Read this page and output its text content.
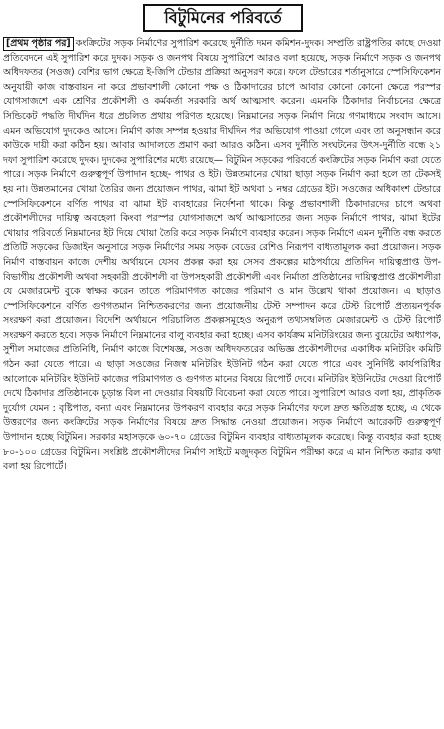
বিটুমিনের পরিবর্তে

[প্রথম পৃষ্ঠার পর] কংক্রিটের সড়ক নির্মাণের সুপারিশ করেছে দুর্নীতি দমন কমিশন-দুদক। সম্প্রতি রাষ্ট্রপতির কাছে দেওয়া প্রতিবেদনে এই সুপারিশ করে দুদক। সড়ক ও জনপথ বিষয়ে সুপারিশে আরও বলা হয়েছে, সড়ক নির্মাণে সড়ক ও জনপথ অধিদফতর (সওজ) বেশির ভাগ ক্ষেত্রে ই-জিপি টেন্ডার প্রক্রিয়া অনুসরণ করে। ফলে টেন্ডারের শর্তানুসারে স্পেসিফিকেশন অনুযায়ী কাজ বাস্তবায়ন না করে প্রভাবশালী কোনো পক্ষ ও ঠিকাদারের চাপে আবার কোনো কোনো ক্ষেত্রে পরস্পর যোগসাজশে এক শ্রেণির প্রকৌশলী ও কর্মকর্তা সরকারি অর্থ আত্মসাৎ করেন। এমনকি ঠিকাদার নির্বাচনের ক্ষেত্রে সিন্ডিকেট পদ্ধতি দীর্ঘদিন ধরে প্রচলিত প্রথায় পরিণত হয়েছে। নিম্নমানের সড়ক নির্মাণ নিয়ে গণমাধ্যমে সংবাদ আসে। এমন অভিযোগ দুদকেও আসে। নির্মাণ কাজ সম্পন্ন হওয়ার দীর্ঘদিন পর অভিযোগ পাওয়া গেলে এবং তা অনুসন্ধান করে কাউকে দায়ী করা কঠিন হয়। আবার আদালতে প্রমাণ করা আরও কঠিন। এসব দুর্নীতি সংঘটনের উৎস-দুর্নীতি বন্ধে ২১ দফা সুপারিশ করেছে দুদক। দুদকের সুপারিশের মধ্যে রয়েছে— বিটুমিন সড়কের পরিবর্তে কংক্রিটের সড়ক নির্মাণ করা যেতে পারে। সড়ক নির্মাণে গুরুত্বপূর্ণ উপাদান হচ্ছে- পাথর ও ইট। উন্নতমানের খোয়া ছাড়া সড়ক নির্মাণ করা হলে তা টেকসই হয় না। উন্নতমানের খোয়া তৈরির জন্য প্রয়োজন পাথর, ঝামা ইট অথবা ১ নম্বর গ্রেডের ইট। সওজের অধিকাংশ টেন্ডারে স্পেসিফিকেশনে বর্ণিত পাথর বা ঝামা ইট ব্যবহারের নির্দেশনা থাকে। কিন্তু প্রভাবশালী ঠিকাদারদের চাপে অথবা প্রকৌশলীদের দায়িত্ব অবহেলা কিংবা পরস্পর যোগসাজশে অর্থ আত্মসাতের জন্য সড়ক নির্মাণে পাথর, ঝামা ইটের খোয়ার পরিবর্তে নিম্নমানের ইট দিয়ে খোয়া তৈরি করে সড়ক নির্মাণে ব্যবহার করেন। সড়ক নির্মাণে এমন দুর্নীতি বন্ধ করতে প্রতিটি সড়কের ডিজাইন অনুসারে সড়ক নির্মাণের সময় সড়ক বেডের রেশিও নিরূপণ বাধ্যতামূলক করা প্রয়োজন। সড়ক নির্মাণ বাস্তবায়ন কাজে দেশীয় অর্থায়নে যেসব প্রকল্প করা হয় সেসব প্রকল্পের মাঠপর্যায়ে প্রতিদিন দায়িত্বপ্রাপ্ত উপ-বিভাগীয় প্রকৌশলী অথবা সহকারী প্রকৌশলী বা উপসহকারী প্রকৌশলী এবং নির্মাতা প্রতিষ্ঠানের দায়িত্বপ্রাপ্ত প্রকৌশলীরা যে মেজারমেন্ট বুকে স্বাক্ষর করেন তাতে পরিমাণগত কাজের পরিমাণ ও মান উল্লেখ থাকা প্রয়োজন। এ ছাড়াও স্পেসিফিকেশনে বর্ণিত গুণগতমান নিশ্চিতকরণের জন্য প্রয়োজনীয় টেস্ট সম্পাদন করে টেস্ট রিপোর্ট প্রত্যয়নপূর্বক সংরক্ষণ করা প্রয়োজন। বিদেশি অর্থায়নে পরিচালিত প্রকল্পসমূহেও অনুরূপ তথ্যসম্বলিত মেজারমেন্ট ও টেস্ট রিপোর্ট সংরক্ষণ করতে হবে। সড়ক নির্মাণে নিম্নমানের বালু ব্যবহার করা হচ্ছে। এসব কার্যক্রম মনিটরিংয়ের জন্য বুয়েটের অধ্যাপক, সুশীল সমাজের প্রতিনিধি, নির্মাণ কাজে বিশেষজ্ঞ, সওজ অধিদফতরের অভিজ্ঞ প্রকৌশলীদের একাধিক মনিটরিং কমিটি গঠন করা যেতে পারে। এ ছাড়া সওজের নিজস্ব মনিটরিং ইউনিট গঠন করা যেতে পারে এবং সুনির্দিষ্ট কার্যপরিধির আলোকে মনিটরিং ইউনিট কাজের পরিমাণগত ও গুণগত মানের বিষয়ে রিপোর্ট দেবে। মনিটরিং ইউনিটের দেওয়া রিপোর্ট দেখে ঠিকাদার প্রতিষ্ঠানকে চূড়ান্ত বিল না দেওয়ার বিষয়টি বিবেচনা করা যেতে পারে। সুপারিশে আরও বলা হয়, প্রাকৃতিক দুর্যোগ যেমন : বৃষ্টিপাত, বন্যা এবং নিম্নমানের উপকরণ ব্যবহার করে সড়ক নির্মাণের ফলে দ্রুত ক্ষতিগ্রস্ত হচ্ছে, এ থেকে উত্তরণের জন্য কংক্রিটের সড়ক নির্মাণের বিষয়ে দ্রুত সিদ্ধান্ত নেওয়া প্রয়োজন। সড়ক নির্মাণে আরেকটি গুরুত্বপূর্ণ উপাদান হচ্ছে বিটুমিন। সরকার মহাসড়কে ৬০-৭০ গ্রেডের বিটুমিন ব্যবহার বাধ্যতামূলক করেছে। কিন্তু ব্যবহার করা হচ্ছে ৮০-১০০ গ্রেডের বিটুমিন। সংশ্লিষ্ট প্রকৌশলীদের নির্মাণ সাইটে মজুদকৃত বিটুমিন পরীক্ষা করে এ মান নিশ্চিত করার কথা বলা হয় রিপোর্টে।
